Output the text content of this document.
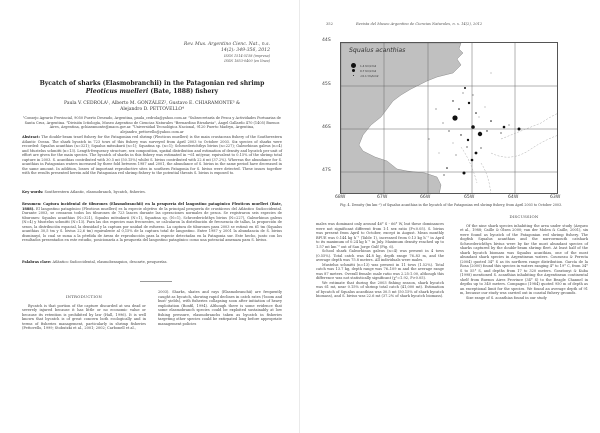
Rev. Mus. Argentino Cienc. Nat., n.s.
14(2): 349-356, 2012
ISSN 1514-5158 (impresa)
ISSN 1853-0400 (en línea)
Bycatch of sharks (Elasmobranchii) in the Patagonian red shrimp
Pleoticus muelleri (Bate, 1888) fishery
Paula V. CEDROLA¹, Alberto M. GONZÁLEZ², Gustavo E. CHIARAMONTE³ &
Alejandro D. PETTOVELLO⁴
¹Consejo Agrario Provincial, 9050 Puerto Deseado, Argentina, paula_cedrola@yahoo.com.ar. ²Subsecretaría de Pesca y Actividades Portuarias de Santa Cruz, Argentina. ³División Ictiología, Museo Argentino de Ciencias Naturales "Bernardino Rivadavia", Ángel Gallardo 470 (1405) Buenos Aires, Argentina, gchiaramonte@macn.gov.ar. ⁴Universidad Tecnológica Nacional, 9120 Puerto Madryn, Argentina, alejandro_pettovello@yahoo.com.ar
Abstract: The double-beam trawl fishery for the Patagonian red shrimp (Pleoticus muelleri) is the main crustacean fishery of the Southwestern Atlantic Ocean. The shark bycatch in 723 tows of this fishery was surveyed from April 2003 to October 2003. Six species of sharks were recorded: Squalus acanthias (n=321); Squalus mitsukurii (n=1); Squatina sp. (n=1); Schroederichthys bivius (n=227); Galeorhinus galeus (n=4) and Mustelus schmitti (n=13). Length-frequency structure, sex composition, spatial distribution and estimation of density and bycatch per unit of effort are given for the main species. The bycatch of sharks in this fishery was estimated in ~61 mt/year, equivalent to 0.15% of the shrimp total capture in 2003. S. acanthias contributed with 30.5 mt (50.15%) whilst S. bivius contributed with 22.6 mt (37.2%). Whereas the abundance for S. acanthias in Patagonian waters increased by three fold between 1987 and 2001, the abundance of S. bivius in the same period have decreased in the same amount. In addition, losses of important reproductive sites in southern Patagonia for S. bivius were detected. These issues together with the results presented herein add the Patagonian red shrimp fishery to the potential threats S. bivius is exposed to.
Key words: Southwestern Atlantic, elasmobranch, bycatch, fisheries.
Resumen: Captura incidental de tiburones (Elasmobranchii) en la pesquería del langostino patagónico Pleoticus muelleri (Bate, 1888). El langostino patagónico (Pleoticus muelleri) es la especie objetivo de la principal pesquería de crustáceos del Atlántico Sudoccidental. Durante 2003, se censaron todos los tiburones de 723 lances durante las operaciones normales de pesca. Se registraron seis especies de tiburones: Squalus acanthias (N=321), Squalus mitsukurii (N=1), Squatina sp. (N=1), Schroederichthys bivius (N=227), Galeorhinus galeus (N=4) y Mustelus schmitti (N=13). Para las dos especies mas frecuentes, se calcularon la distribución de frecuencia de tallas, la proporción de sexos, la distribución espacial, la densidad y la captura por unidad de esfuerzo. La captura de tiburones para 2003 se estimó en 61 tm (Squalus acanthias 30,5 tm y S. bivius 22,6 tm) equivalente al 0,15% de la captura total de langostino. Entre 1987 y 2001 la abundancia de S. bivius disminuyó, lo cual se suma a la pérdida de áreas de reproducción para la especie detectadas en la Patagonia sur. Este hecho, junto con los resultados presentados en este estudio, posicionaría a la pesquería del langostino patagónico como una potencial amenaza para S. bivius.
Palabras clave: Atlántico Sudoccidental, elasmobranquios, descarte, pesquerías.
INTRODUCTION

Bycatch is that portion of the capture discarded at sea dead or severely injured because it has little or no economic value or because its retention is prohibited by law (Hall, 1996). It is well known that bycatch is of great concern both ecologically and in terms of fisheries management, particularly in shrimp fisheries (Pettovello, 1999; Stobutzki et al., 2001; 2002; Carbonell et al.,

2003). Sharks, skates and rays (Elasmobranchii) are frequently caught as bycatch, showing rapid declines in catch rates ('boom and bust' yields), with fisheries collapsing soon after initiation of heavy exploitation (Bonfil, 1994). Although there is some evidence that some elasmobranch species could be exploited sustainably at low fishing pressure, elasmobranchs taken as bycatch in fisheries targeting other species could be extirpated long before appropriate management policies

352	Revista del Museo Argentino de Ciencias Naturales, n. s. 14(2), 2012
44S
45S
46S
47S
Squalus acanthias
1.4 tm/km2
0.7 tm/km2
<0.1 tm/km2
68W	67W	66W	65W	64W	63W
Fig. 4. Density (tm km⁻²) of Squalus acanthias in the bycatch of the Patagonian red shrimp fishery, from April 2003 to October 2003.

males was dominant only around 46° S - 66° W, but these dominances were not significant different from 1:1 sex ratio (P<0.05). S. bivius was present from April to October, except in August. Mean monthly BPUE was 0.144 kg h⁻¹ (Table 1), increased from 0.13 kg h⁻¹ in April to its maximum of 0.24 kg h⁻¹ in July. Maximum density reached up to 1.57 mt km⁻² out of San Jorge Gulf (Fig. 6).

School shark Galeorhinus galeus (n=4) was present in 4 tows (0.55%). Total catch was 44.8 kg, depth range 76–83 m, and the average depth was 75.8 meters. All individuals were males.

Mustelus schmitti (n=13) was present in 11 tows (1.52%). Total catch was 13.7 kg, depth range was 76–109 m and the average range was 87 meters. Overall female: male ratio was 2.25:1.00, although this difference was not statistically significant (χ²=1.92, P>0.05).

We estimate that during the 2003 fishing season, shark bycatch was 61 mt, near 0.15% of shrimp total catch (41,000 mt). Estimation of bycatch of Squalus acanthias was 30.5 mt (50.15% of shark bycatch biomass), and S. bivius was 22.6 mt (37.2% of shark bycatch biomass).

DISCUSSION

Of the nine shark species inhabiting the area under study (Arqueo et al., 1988; Caille & Olsen 2000; van der Molen & Caille, 2001), six were found as bycatch of the Patagonian red shrimp fishery. The dogfish Squalus acanthias and the narrowmouth catshark Schroederichthys bivius were by far the most abundant species of sharks captured by the double-beam shrimp fleet. At least half of the shark bycatch biomass was Squalus acanthias, one of the most abundant shark species in Argentinean waters. Cousseau & Perrota (2004) quoted 34° S as its northern range distribution. García de la Rosa (2000) found this species in waters ranging 4° to 19° C, from 34° S to 55° S, and depths from 17 to 320 meters. Gosztonyi & Kuba (1998) mentioned S. acanthias inhabiting the Argentinean continental shelf from Buenos Aires Province (34° S) to the Beagle Channel in depths up to 340 meters. Compagno (1984) quoted 950 m of depth as an exceptional limit for the species. We found an average depth of 91 m, because our study was carried out in coastal fishery grounds.

Size range of S. acanthias found in our study
